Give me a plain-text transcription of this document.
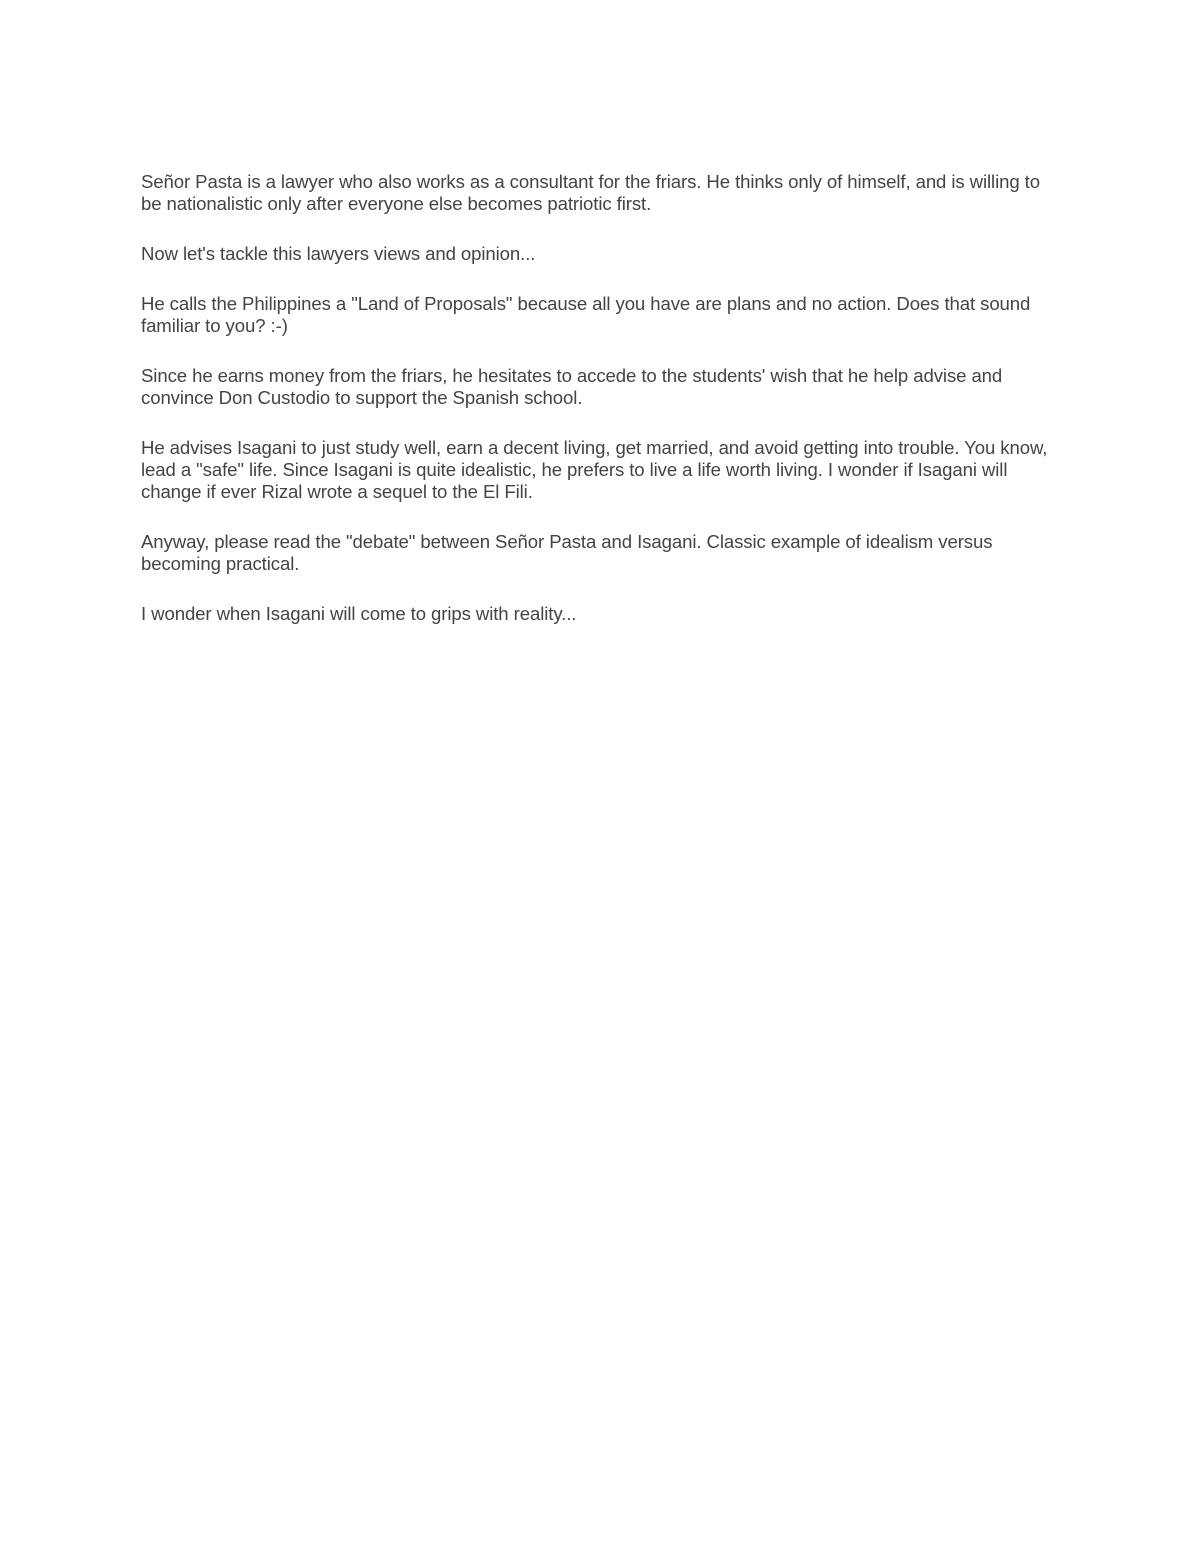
Señor Pasta is a lawyer who also works as a consultant for the friars. He thinks only of himself, and is willing to be nationalistic only after everyone else becomes patriotic first.

Now let's tackle this lawyers views and opinion...

He calls the Philippines a "Land of Proposals" because all you have are plans and no action. Does that sound familiar to you? :-)

Since he earns money from the friars, he hesitates to accede to the students' wish that he help advise and convince Don Custodio to support the Spanish school.

He advises Isagani to just study well, earn a decent living, get married, and avoid getting into trouble. You know, lead a "safe" life. Since Isagani is quite idealistic, he prefers to live a life worth living. I wonder if Isagani will change if ever Rizal wrote a sequel to the El Fili.

Anyway, please read the "debate" between Señor Pasta and Isagani. Classic example of idealism versus becoming practical.

I wonder when Isagani will come to grips with reality...
